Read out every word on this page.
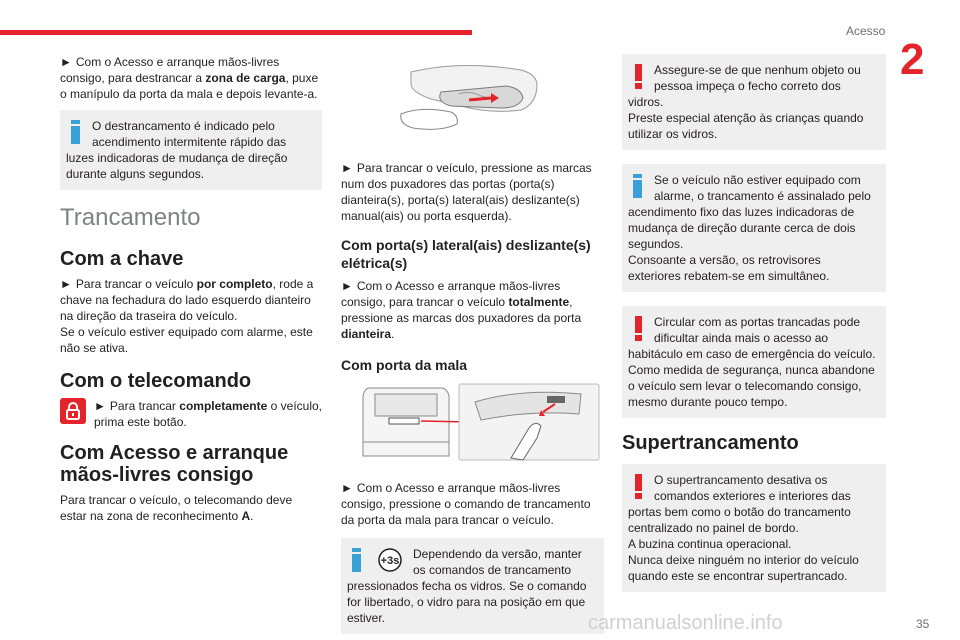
Acesso
2

► Com o Acesso e arranque mãos-livres consigo, para destrancar a zona de carga, puxe o manípulo da porta da mala e depois levante-a.

O destrancamento é indicado pelo acendimento intermitente rápido das luzes indicadoras de mudança de direção durante alguns segundos.

Trancamento
Com a chave

► Para trancar o veículo por completo, rode a chave na fechadura do lado esquerdo dianteiro na direção da traseira do veículo.

Se o veículo estiver equipado com alarme, este não se ativa.

Com o telecomando

► Para trancar completamente o veículo, prima este botão.

Com Acesso e arranque mãos-livres consigo

Para trancar o veículo, o telecomando deve estar na zona de reconhecimento A.

► Para trancar o veículo, pressione as marcas num dos puxadores das portas (porta(s) dianteira(s), porta(s) lateral(ais) deslizante(s) manual(ais) ou porta esquerda).

Com porta(s) lateral(ais) deslizante(s) elétrica(s)

► Com o Acesso e arranque mãos-livres consigo, para trancar o veículo totalmente, pressione as marcas dos puxadores da porta dianteira.

Com porta da mala

► Com o Acesso e arranque mãos-livres consigo, pressione o comando de trancamento da porta da mala para trancar o veículo.

+3s	Dependendo da versão, manter os comandos de trancamento pressionados fecha os vidros. Se o comando for libertado, o vidro para na posição em que estiver.

Assegure-se de que nenhum objeto ou pessoa impeça o fecho correto dos vidros.

Preste especial atenção às crianças quando utilizar os vidros.

Se o veículo não estiver equipado com alarme, o trancamento é assinalado pelo acendimento fixo das luzes indicadoras de mudança de direção durante cerca de dois segundos.

Consoante a versão, os retrovisores exteriores rebatem-se em simultâneo.

Circular com as portas trancadas pode dificultar ainda mais o acesso ao habitáculo em caso de emergência do veículo.

Como medida de segurança, nunca abandone o veículo sem levar o telecomando consigo, mesmo durante pouco tempo.

Supertrancamento

O supertrancamento desativa os comandos exteriores e interiores das portas bem como o botão do trancamento centralizado no painel de bordo.

A buzina continua operacional.

Nunca deixe ninguém no interior do veículo quando este se encontrar supertrancado.

35
carmanualsonline.info
